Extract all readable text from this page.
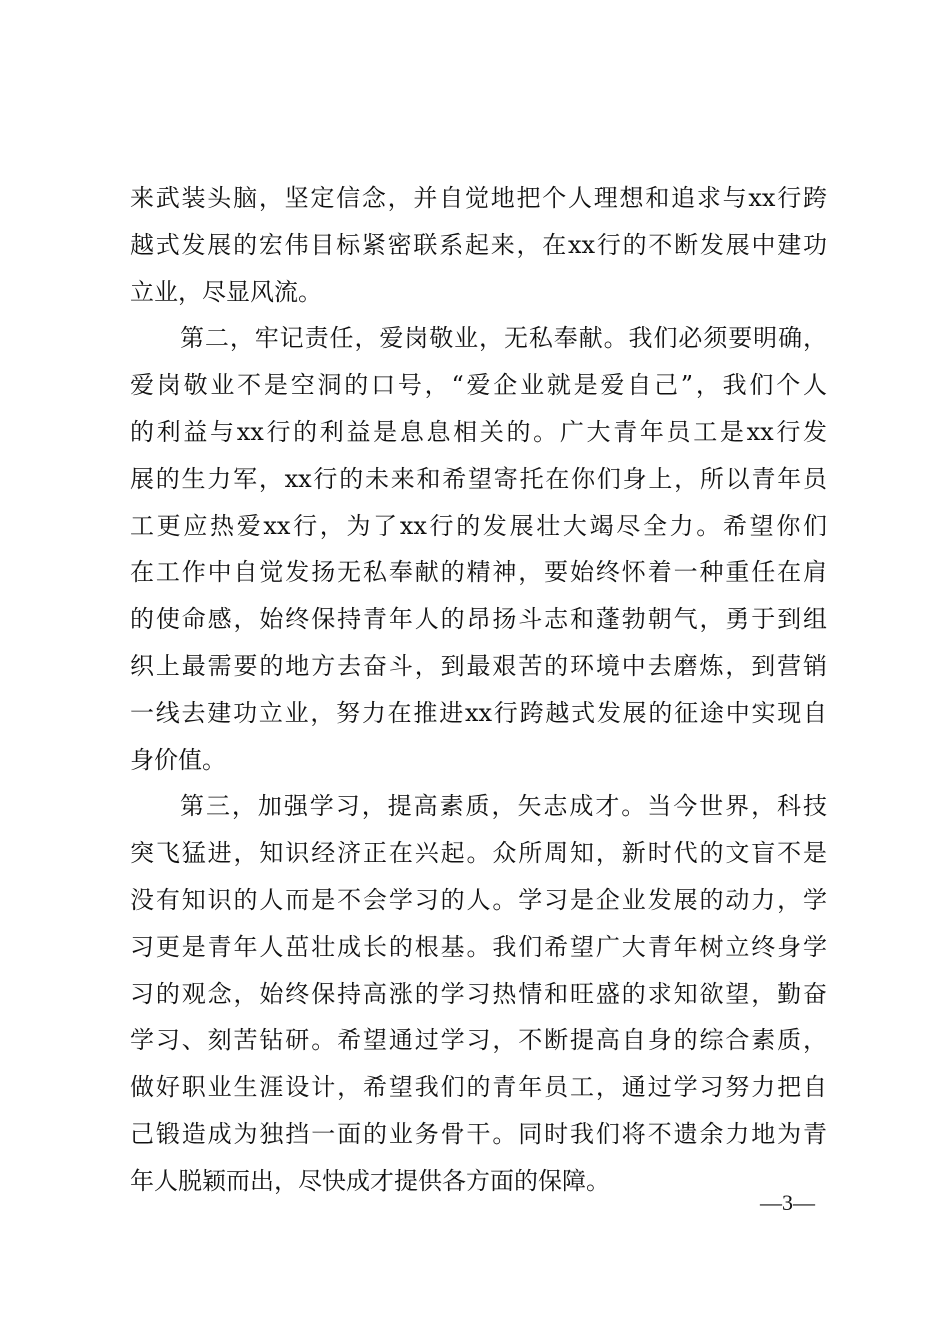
来武装头脑，坚定信念，并自觉地把个人理想和追求与xx行跨

越式发展的宏伟目标紧密联系起来，在xx行的不断发展中建功

立业，尽显风流。

第二，牢记责任，爱岗敬业，无私奉献。我们必须要明确，

爱岗敬业不是空洞的口号，“爱企业就是爱自己”，我们个人

的利益与xx行的利益是息息相关的。广大青年员工是xx行发

展的生力军，xx行的未来和希望寄托在你们身上，所以青年员

工更应热爱xx行，为了xx行的发展壮大竭尽全力。希望你们

在工作中自觉发扬无私奉献的精神，要始终怀着一种重任在肩

的使命感，始终保持青年人的昂扬斗志和蓬勃朝气，勇于到组

织上最需要的地方去奋斗，到最艰苦的环境中去磨炼，到营销

一线去建功立业，努力在推进xx行跨越式发展的征途中实现自

身价值。

第三，加强学习，提高素质，矢志成才。当今世界，科技

突飞猛进，知识经济正在兴起。众所周知，新时代的文盲不是

没有知识的人而是不会学习的人。学习是企业发展的动力，学

习更是青年人茁壮成长的根基。我们希望广大青年树立终身学

习的观念，始终保持高涨的学习热情和旺盛的求知欲望，勤奋

学习、刻苦钻研。希望通过学习，不断提高自身的综合素质，

做好职业生涯设计，希望我们的青年员工，通过学习努力把自

己锻造成为独挡一面的业务骨干。同时我们将不遗余力地为青

年人脱颖而出，尽快成才提供各方面的保障。

—3—
